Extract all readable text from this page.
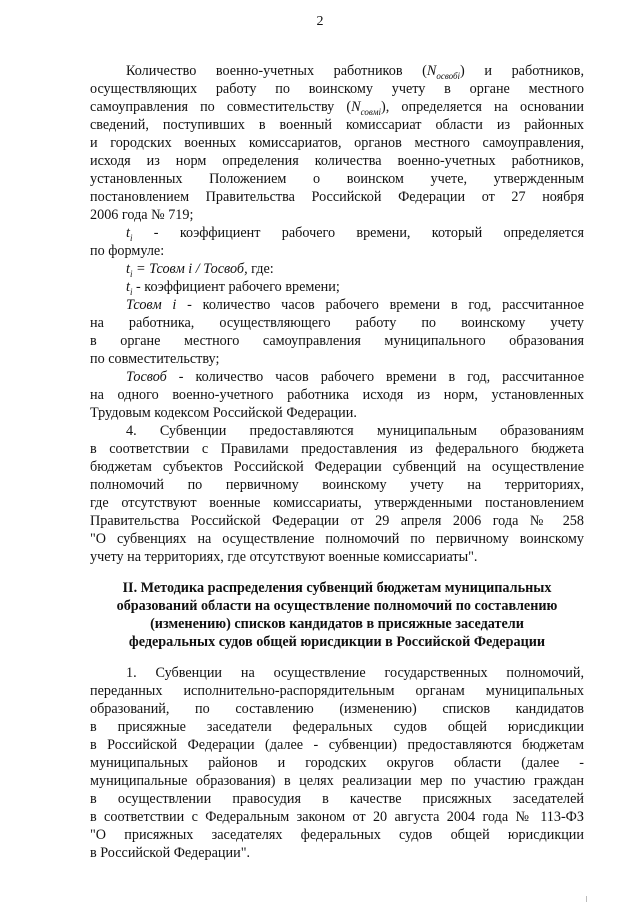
2
Количество военно-учетных работников $(N_{освобi})$ и работников,
осуществляющих работу по воинскому учету в органе местного
самоуправления по совместительству $(N_{совмi})$, определяется на основании
сведений, поступивших в военный комиссариат области из районных
и городских военных комиссариатов, органов местного самоуправления,
исходя из норм определения количества военно-учетных работников,
установленных Положением о воинском учете, утвержденным
постановлением Правительства Российской Федерации от 27 ноября
2006 года № 719;
$t_i$ - коэффициент рабочего времени, который определяется
по формуле:
$t_i$ = Тсовм i / Тосвоб, где:
$t_i$ - коэффициент рабочего времени;
Тсовм i - количество часов рабочего времени в год, рассчитанное
на работника, осуществляющего работу по воинскому учету
в органе местного самоуправления муниципального образования
по совместительству;
Тосвоб - количество часов рабочего времени в год, рассчитанное
на одного военно-учетного работника исходя из норм, установленных
Трудовым кодексом Российской Федерации.
4. Субвенции предоставляются муниципальным образованиям
в соответствии с Правилами предоставления из федерального бюджета
бюджетам субъектов Российской Федерации субвенций на осуществление
полномочий по первичному воинскому учету на территориях,
где отсутствуют военные комиссариаты, утвержденными постановлением
Правительства Российской Федерации от 29 апреля 2006 года № 258
"О субвенциях на осуществление полномочий по первичному воинскому
учету на территориях, где отсутствуют военные комиссариаты".
II. Методика распределения субвенций бюджетам муниципальных
образований области на осуществление полномочий по составлению
(изменению) списков кандидатов в присяжные заседатели
федеральных судов общей юрисдикции в Российской Федерации
1. Субвенции на осуществление государственных полномочий,
переданных исполнительно-распорядительным органам муниципальных
образований, по составлению (изменению) списков кандидатов
в присяжные заседатели федеральных судов общей юрисдикции
в Российской Федерации (далее - субвенции) предоставляются бюджетам
муниципальных районов и городских округов области (далее -
муниципальные образования) в целях реализации мер по участию граждан
в осуществлении правосудия в качестве присяжных заседателей
в соответствии с Федеральным законом от 20 августа 2004 года № 113-ФЗ
"О присяжных заседателях федеральных судов общей юрисдикции
в Российской Федерации".
